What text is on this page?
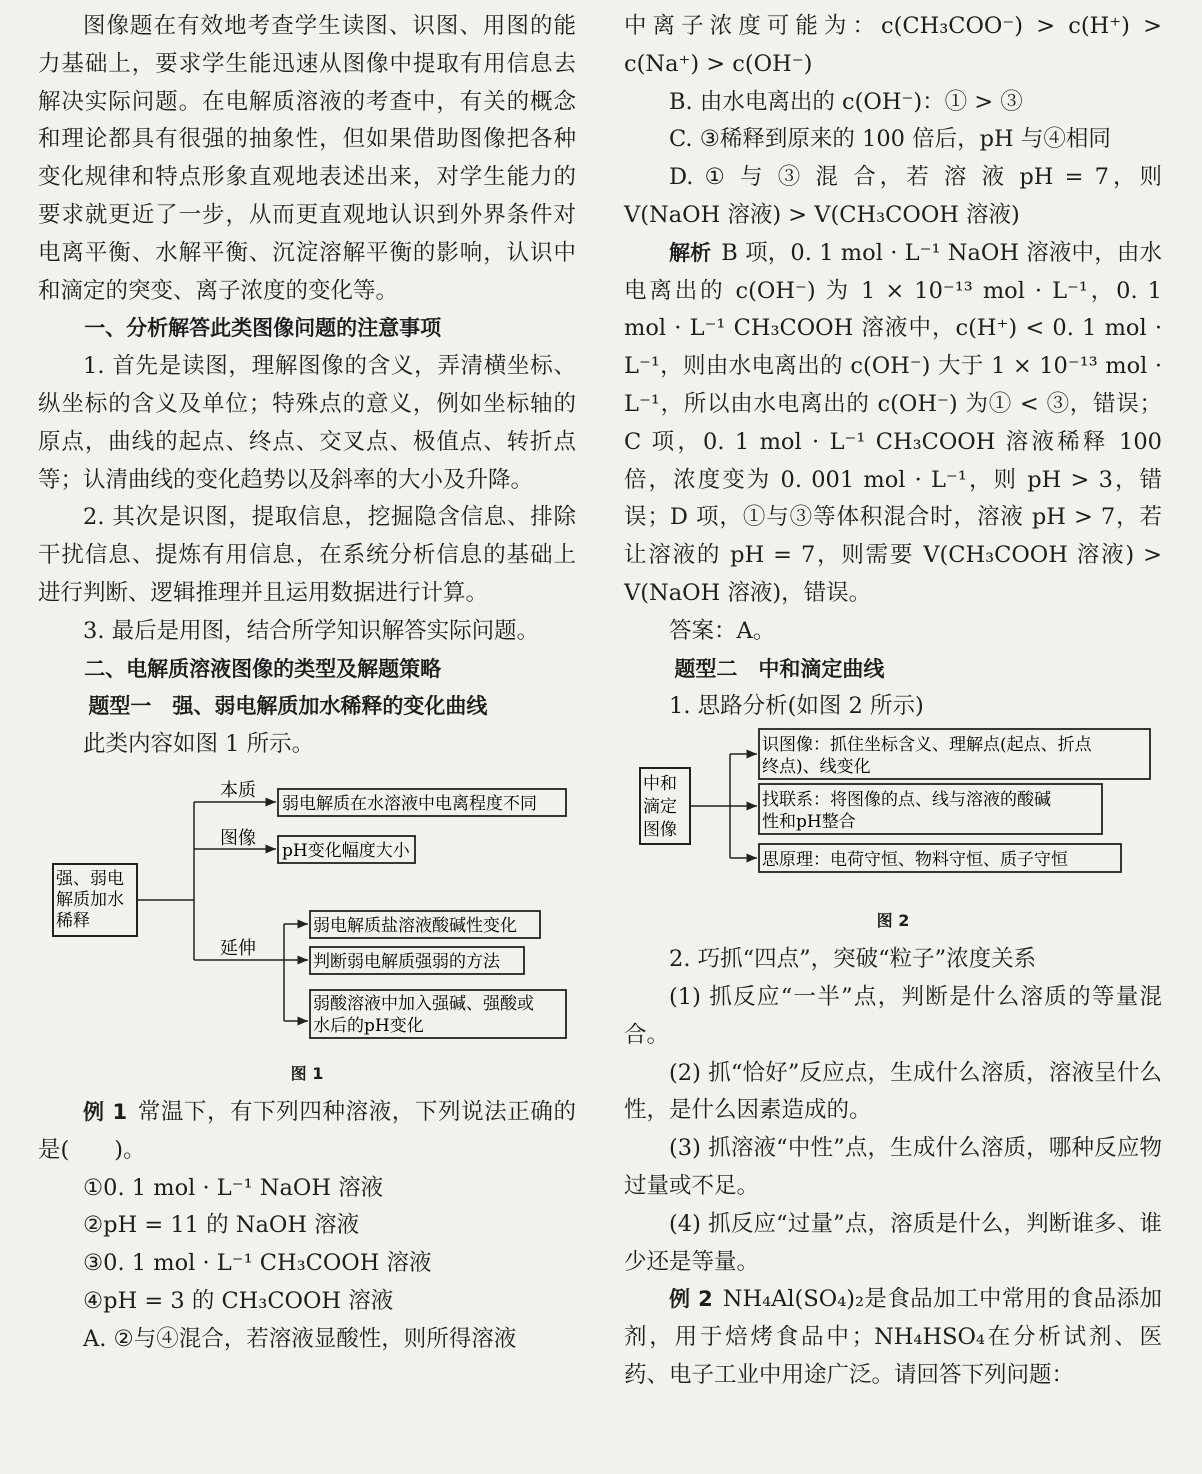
图像题在有效地考查学生读图、识图、用图的能力基础上，要求学生能迅速从图像中提取有用信息去解决实际问题。在电解质溶液的考查中，有关的概念和理论都具有很强的抽象性，但如果借助图像把各种变化规律和特点形象直观地表述出来，对学生能力的要求就更近了一步，从而更直观地认识到外界条件对电离平衡、水解平衡、沉淀溶解平衡的影响，认识中和滴定的突变、离子浓度的变化等。

一、分析解答此类图像问题的注意事项

1. 首先是读图，理解图像的含义，弄清横坐标、纵坐标的含义及单位；特殊点的意义，例如坐标轴的原点，曲线的起点、终点、交叉点、极值点、转折点等；认清曲线的变化趋势以及斜率的大小及升降。

2. 其次是识图，提取信息，挖掘隐含信息、排除干扰信息、提炼有用信息，在系统分析信息的基础上进行判断、逻辑推理并且运用数据进行计算。

3. 最后是用图，结合所学知识解答实际问题。

二、电解质溶液图像的类型及解题策略

题型一　强、弱电解质加水稀释的变化曲线

此类内容如图 1 所示。

强、弱电
解质加水
稀释
本质
图像
延伸
弱电解质在水溶液中电离程度不同
pH变化幅度大小
弱电解质盐溶液酸碱性变化
判断弱电解质强弱的方法
弱酸溶液中加入强碱、强酸或
水后的pH变化
图 1

例 1 常温下，有下列四种溶液，下列说法正确的是(　　)。

①0. 1 mol · L⁻¹ NaOH 溶液

②pH = 11 的 NaOH 溶液

③0. 1 mol · L⁻¹ CH₃COOH 溶液

④pH = 3 的 CH₃COOH 溶液

A. ②与④混合，若溶液显酸性，则所得溶液

中离子浓度可能为：c(CH₃COO⁻) > c(H⁺) > c(Na⁺) > c(OH⁻)

B. 由水电离出的 c(OH⁻)：① > ③

C. ③稀释到原来的 100 倍后，pH 与④相同

D. ① 与 ③ 混 合，若 溶 液 pH = 7，则 V(NaOH 溶液) > V(CH₃COOH 溶液)

解析 B 项，0. 1 mol · L⁻¹ NaOH 溶液中，由水电离出的 c(OH⁻) 为 1 × 10⁻¹³ mol · L⁻¹，0. 1 mol · L⁻¹ CH₃COOH 溶液中，c(H⁺) < 0. 1 mol · L⁻¹，则由水电离出的 c(OH⁻) 大于 1 × 10⁻¹³ mol · L⁻¹，所以由水电离出的 c(OH⁻) 为① < ③，错误；C 项，0. 1 mol · L⁻¹ CH₃COOH 溶液稀释 100 倍，浓度变为 0. 001 mol · L⁻¹，则 pH > 3，错误；D 项，①与③等体积混合时，溶液 pH > 7，若让溶液的 pH = 7，则需要 V(CH₃COOH 溶液) > V(NaOH 溶液)，错误。

答案：A。

题型二　中和滴定曲线

1. 思路分析(如图 2 所示)

中和
滴定
图像
识图像：抓住坐标含义、理解点(起点、折点
终点)、线变化
找联系：将图像的点、线与溶液的酸碱
性和pH整合
思原理：电荷守恒、物料守恒、质子守恒
图 2

2. 巧抓“四点”，突破“粒子”浓度关系

(1) 抓反应“一半”点，判断是什么溶质的等量混合。

(2) 抓“恰好”反应点，生成什么溶质，溶液呈什么性，是什么因素造成的。

(3) 抓溶液“中性”点，生成什么溶质，哪种反应物过量或不足。

(4) 抓反应“过量”点，溶质是什么，判断谁多、谁少还是等量。

例 2 NH₄Al(SO₄)₂是食品加工中常用的食品添加剂，用于焙烤食品中；NH₄HSO₄在分析试剂、医药、电子工业中用途广泛。请回答下列问题：
